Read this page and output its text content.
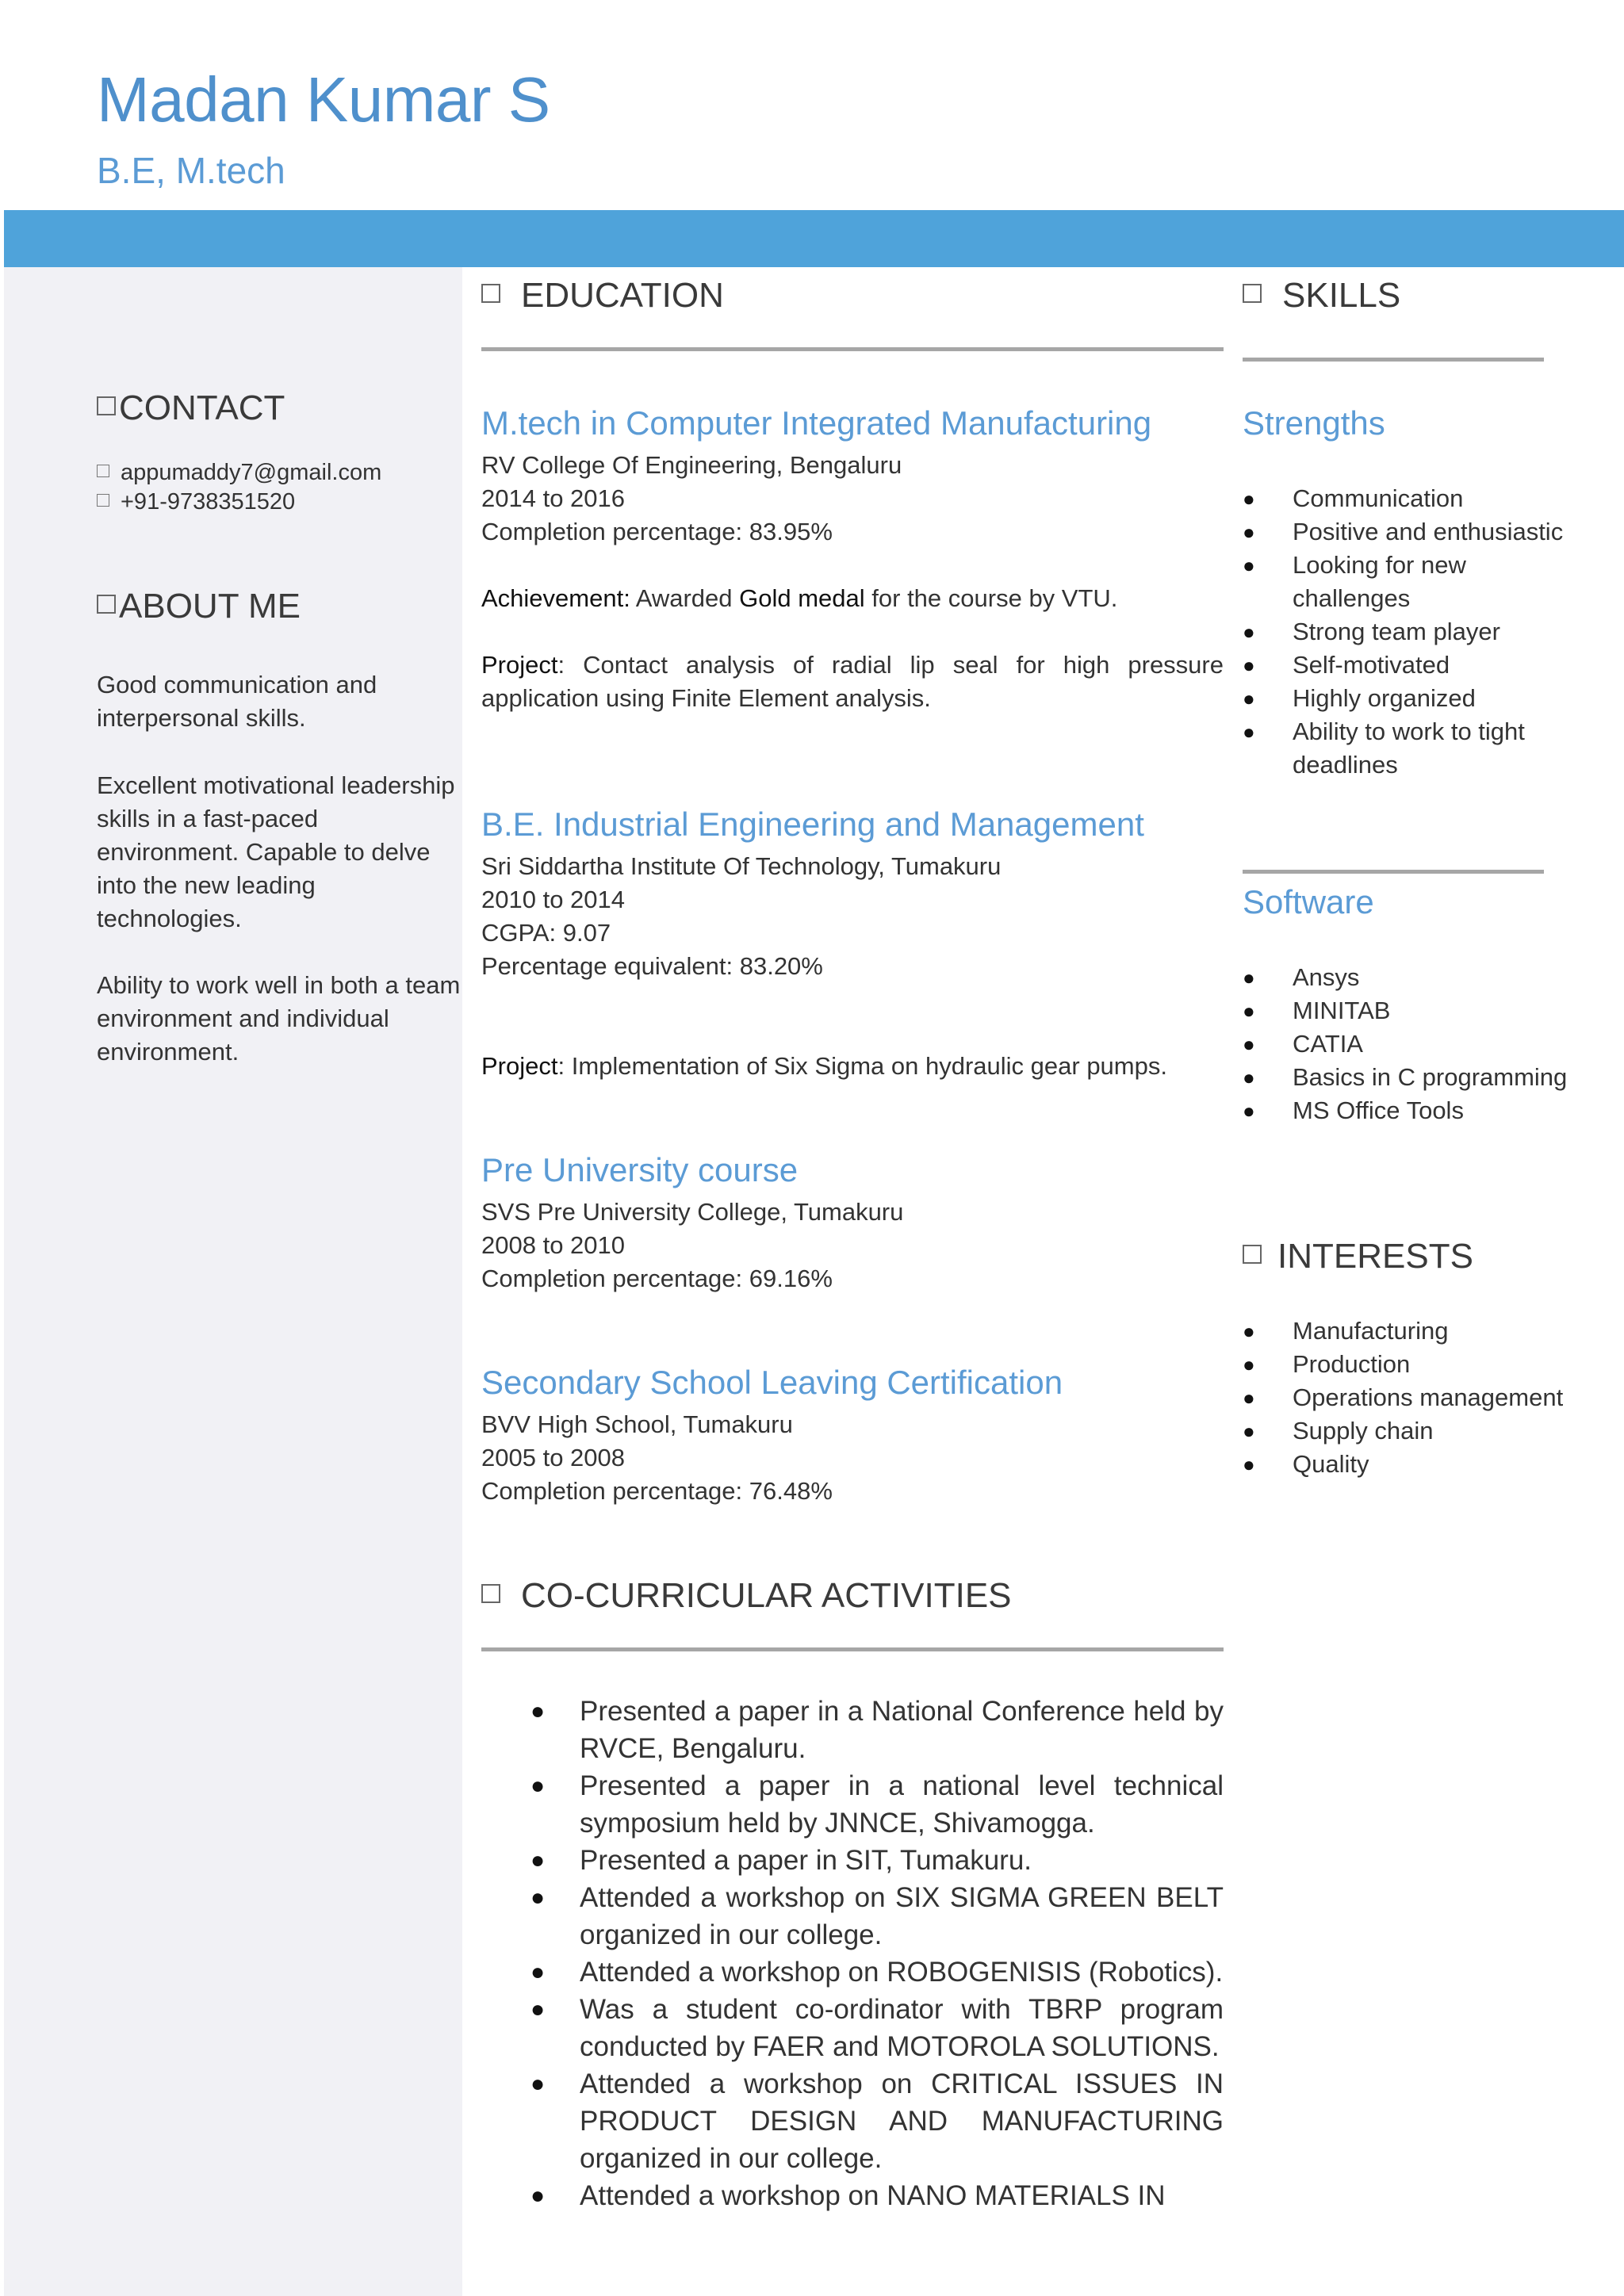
Madan Kumar S
B.E, M.tech
CONTACT
appumaddy7@gmail.com
+91-9738351520
ABOUT ME
Good communication and interpersonal skills.
Excellent motivational leadership skills in a fast-paced environment. Capable to delve into the new leading technologies.
Ability to work well in both a team environment and individual environment.
EDUCATION
M.tech in Computer Integrated Manufacturing
RV College Of Engineering, Bengaluru
2014 to 2016
Completion percentage: 83.95%
Achievement: Awarded Gold medal for the course by VTU.
Project: Contact analysis of radial lip seal for high pressure application using Finite Element analysis.
B.E. Industrial Engineering and Management
Sri Siddartha Institute Of Technology, Tumakuru
2010 to 2014
CGPA: 9.07
Percentage equivalent: 83.20%
Project: Implementation of Six Sigma on hydraulic gear pumps.
Pre University course
SVS Pre University College, Tumakuru
2008 to 2010
Completion percentage: 69.16%
Secondary School Leaving Certification
BVV High School, Tumakuru
2005 to 2008
Completion percentage: 76.48%
CO-CURRICULAR ACTIVITIES
● Presented a paper in a National Conference held by RVCE, Bengaluru.
● Presented a paper in a national level technical symposium held by JNNCE, Shivamogga.
● Presented a paper in SIT, Tumakuru.
● Attended a workshop on SIX SIGMA GREEN BELT organized in our college.
● Attended a workshop on ROBOGENISIS (Robotics).
● Was a student co-ordinator with TBRP program conducted by FAER and MOTOROLA SOLUTIONS.
● Attended a workshop on CRITICAL ISSUES IN PRODUCT DESIGN AND MANUFACTURING organized in our college.
● Attended a workshop on NANO MATERIALS IN
SKILLS
Strengths
● Communication
● Positive and enthusiastic
● Looking for new challenges
● Strong team player
● Self-motivated
● Highly organized
● Ability to work to tight deadlines
Software
● Ansys
● MINITAB
● CATIA
● Basics in C programming
● MS Office Tools
INTERESTS
● Manufacturing
● Production
● Operations management
● Supply chain
● Quality
